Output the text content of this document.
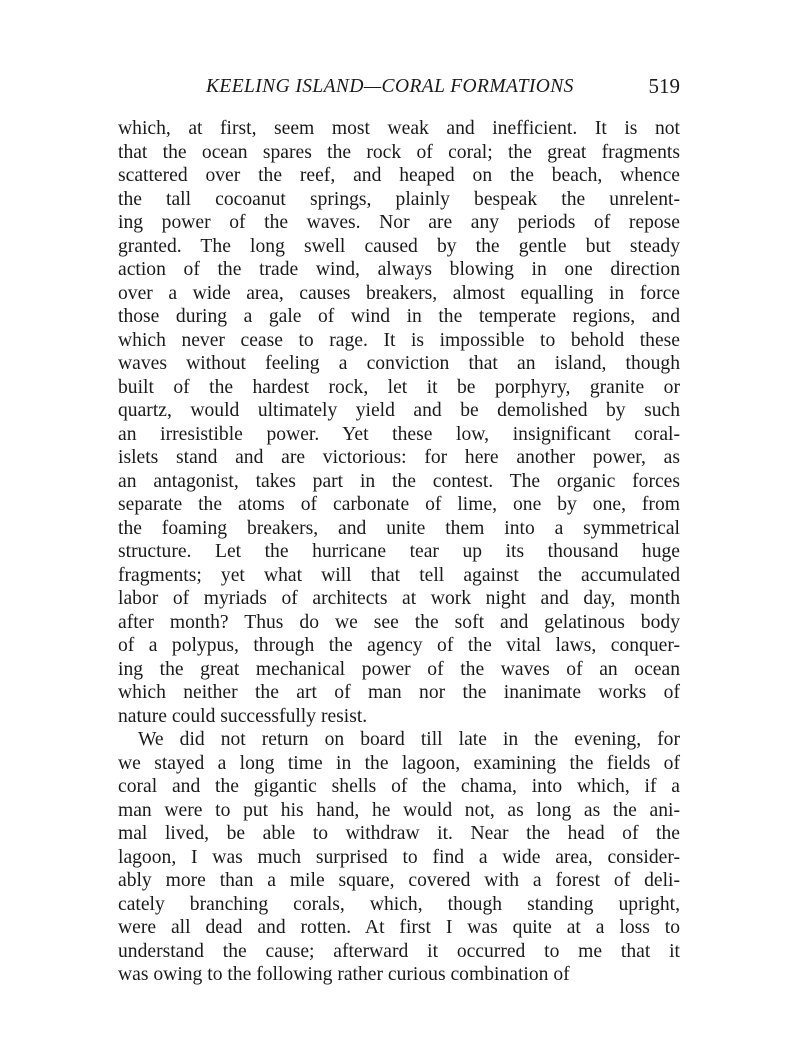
KEELING ISLAND—CORAL FORMATIONS	519
which, at first, seem most weak and inefficient. It is not
that the ocean spares the rock of coral; the great fragments
scattered over the reef, and heaped on the beach, whence
the tall cocoanut springs, plainly bespeak the unrelent-
ing power of the waves. Nor are any periods of repose
granted. The long swell caused by the gentle but steady
action of the trade wind, always blowing in one direction
over a wide area, causes breakers, almost equalling in force
those during a gale of wind in the temperate regions, and
which never cease to rage. It is impossible to behold these
waves without feeling a conviction that an island, though
built of the hardest rock, let it be porphyry, granite or
quartz, would ultimately yield and be demolished by such
an irresistible power. Yet these low, insignificant coral-
islets stand and are victorious: for here another power, as
an antagonist, takes part in the contest. The organic forces
separate the atoms of carbonate of lime, one by one, from
the foaming breakers, and unite them into a symmetrical
structure. Let the hurricane tear up its thousand huge
fragments; yet what will that tell against the accumulated
labor of myriads of architects at work night and day, month
after month? Thus do we see the soft and gelatinous body
of a polypus, through the agency of the vital laws, conquer-
ing the great mechanical power of the waves of an ocean
which neither the art of man nor the inanimate works of
nature could successfully resist.
We did not return on board till late in the evening, for
we stayed a long time in the lagoon, examining the fields of
coral and the gigantic shells of the chama, into which, if a
man were to put his hand, he would not, as long as the ani-
mal lived, be able to withdraw it. Near the head of the
lagoon, I was much surprised to find a wide area, consider-
ably more than a mile square, covered with a forest of deli-
cately branching corals, which, though standing upright,
were all dead and rotten. At first I was quite at a loss to
understand the cause; afterward it occurred to me that it
was owing to the following rather curious combination of
